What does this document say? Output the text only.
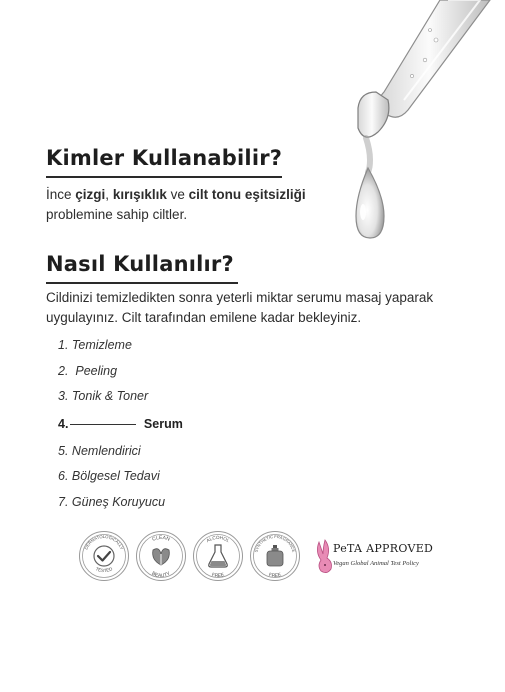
Kimler Kullanabilir?
İnce çizgi, kırışıklık ve cilt tonu eşitsizliği
problemine sahip ciltler.
Nasıl Kullanılır?
Cildinizi temizledikten sonra yeterli miktar serumu masaj yaparak uygulayınız. Cilt tarafından emilene kadar bekleyiniz.
1. Temizleme
2. Peeling
3. Tonik & Toner
4.	Serum
5. Nemlendirici
6. Bölgesel Tedavi
7. Güneş Koruyucu
DERMATOLOGICALLY
TESTED
CLEAN
BEAUTY
ALCOHOL
FREE
SYNTHETIC FRAGRANCE
FREE
PeTA APPROVED
Vegan Global Animal Test Policy
